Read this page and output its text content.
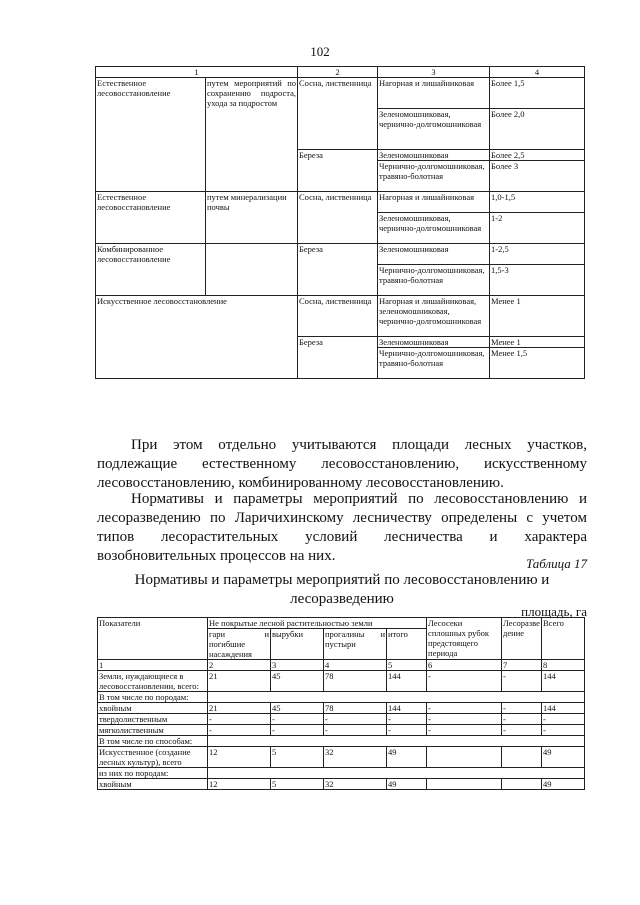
102
1		2	3	4
Естественное лесовосстановление	путем мероприятий по сохранению подроста, ухода за подростом	Сосна, лиственница	Нагорная и лишайниковая	Более 1,5
			Зеленомошниковая, чернично-долгомошниковая	Более 2,0
		Береза	Зеленомошниковая	Более 2,5
			Чернично-долгомошниковая, травяно-болотная	Более 3
Естественное лесовосстановление	путем минерализации почвы	Сосна, лиственница	Нагорная и лишайниковая	1,0-1,5
			Зеленомошниковая, чернично-долгомошниковая	1-2
Комбинированное лесовосстановление		Береза	Зеленомошниковая	1-2,5
			Чернично-долгомошниковая, травяно-болотная	1,5-3
Искусственное лесовосстановление		Сосна, лиственница	Нагорная и лишайниковая, зеленомошниковая, чернично-долгомошниковая	Менее 1
		Береза	Зеленомошниковая	Менее 1
			Чернично-долгомошниковая, травяно-болотная	Менее 1,5

При этом отдельно учитываются площади лесных участков, подлежащие естественному лесовосстановлению, искусственному лесовосстановлению, комбинированному лесовосстановлению.

Нормативы и параметры мероприятий по лесовосстановлению и лесоразведению по Ларичихинскому лесничеству определены с учетом типов лесорастительных условий лесничества и характера возобновительных процессов на них.	Таблица 17
Нормативы и параметры мероприятий по лесовосстановлению и лесоразведению
площадь, га
Показатели	Не покрытые лесной растительностью земли				Лесосеки сплошных рубок предстоящего периода	Лесоразведение	Всего
	гари и погибшие насаждения	вырубки	прогалины и пустыри	итого			
1	2	3	4	5	6	7	8
Земли, нуждающиеся в лесовосстановлении, всего:	21	45	78	144	-	-	144
В том числе по породам:							
хвойным	21	45	78	144	-	-	144
твердолиственным	-	-	-	-	-	-	-
мягколиственным	-	-	-	-	-	-	-
В том числе по способам:							
Искусственное (создание лесных культур), всего	12	5	32	49			49
из них по породам:							
хвойным	12	5	32	49			49
